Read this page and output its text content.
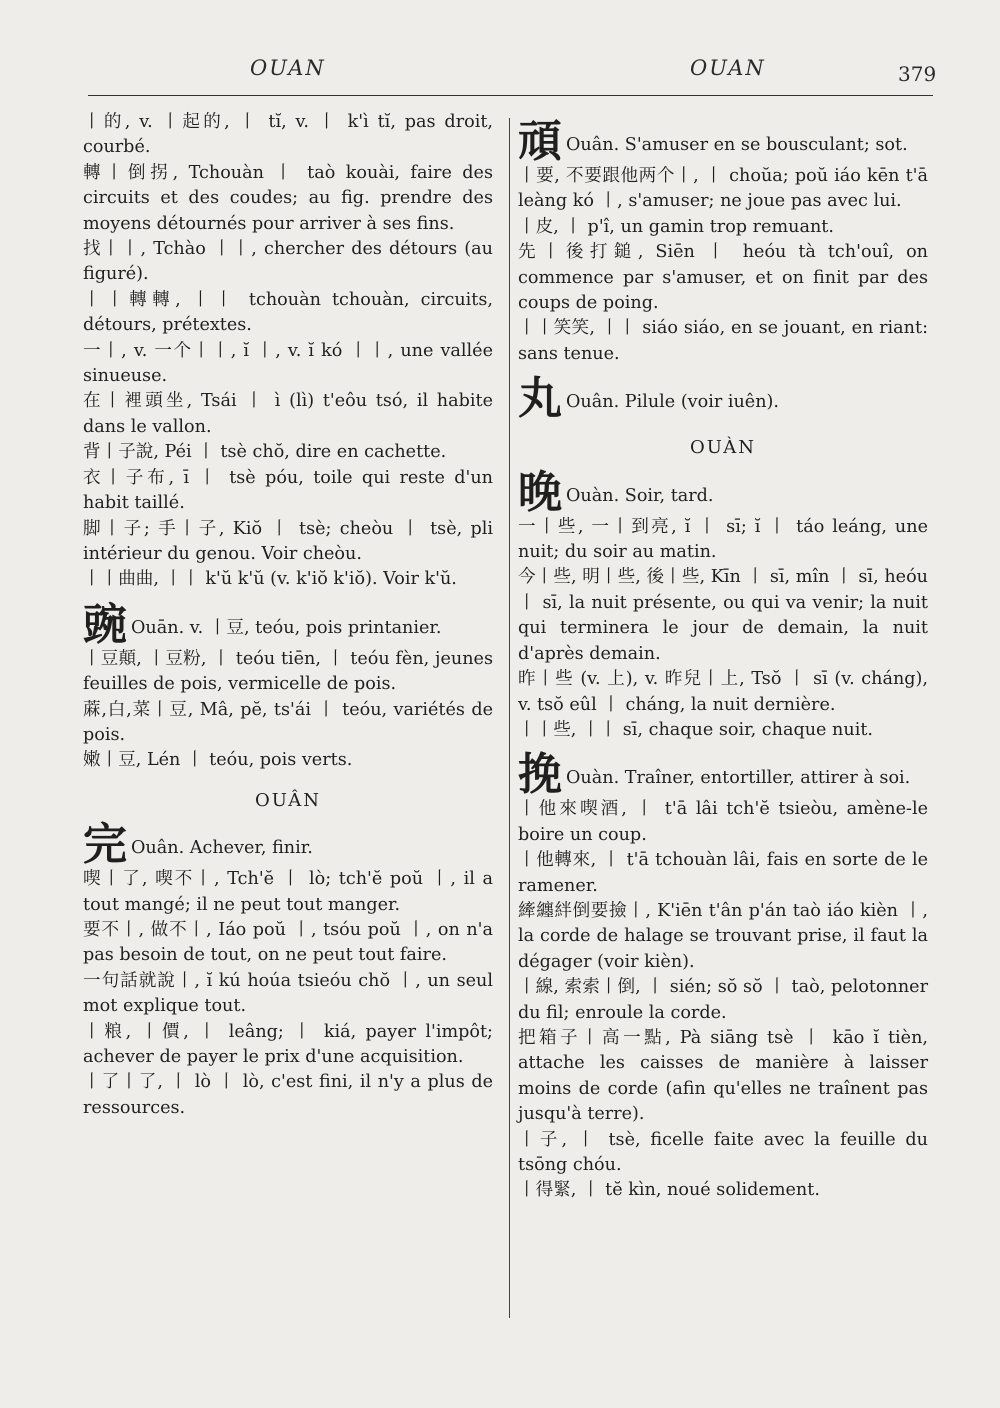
OUAN	OUAN	379
丨的, v. 丨起的, 丨 tĭ, v. 丨 k'ì tĭ, pas droit, courbé.
轉丨倒拐, Tchouàn 丨 taò kouài, faire des circuits et des coudes; au fig. prendre des moyens détournés pour arriver à ses fins.
找丨丨, Tchào 丨丨, chercher des détours (au figuré).
丨丨轉轉, 丨丨 tchouàn tchouàn, circuits, détours, prétextes.
一丨, v. 一个丨丨, ĭ 丨, v. ĭ kó 丨丨, une vallée sinueuse.
在丨裡頭坐, Tsái 丨 ì (lì) t'eôu tsó, il habite dans le vallon.
背丨子說, Péi 丨 tsè chŏ, dire en cachette.
衣丨子布, ī 丨 tsè póu, toile qui reste d'un habit taillé.
脚丨子; 手丨子, Kiŏ 丨 tsè; cheòu 丨 tsè, pli intérieur du genou. Voir cheòu.
丨丨曲曲, 丨丨 k'ŭ k'ŭ (v. k'iŏ k'iŏ). Voir k'ŭ.
豌 Ouān. v. 丨豆, teóu, pois printanier.
丨豆顛, 丨豆粉, 丨 teóu tiēn, 丨 teóu fèn, jeunes feuilles de pois, vermicelle de pois.
蔴,白,菜丨豆, Mâ, pĕ, ts'ái 丨 teóu, variétés de pois.
嫩丨豆, Lén 丨 teóu, pois verts.
OUÂN
完 Ouân. Achever, finir.
喫丨了, 喫不丨, Tch'ĕ 丨 lò; tch'ĕ poŭ 丨, il a tout mangé; il ne peut tout manger.
要不丨, 做不丨, Iáo poŭ 丨, tsóu poŭ 丨, on n'a pas besoin de tout, on ne peut tout faire.
一句話就說丨, ĭ kú hoúa tsieóu chŏ 丨, un seul mot explique tout.
丨粮, 丨價, 丨 leâng; 丨 kiá, payer l'impôt; achever de payer le prix d'une acquisition.
丨了丨了, 丨 lò 丨 lò, c'est fini, il n'y a plus de ressources.
頑 Ouân. S'amuser en se bousculant; sot.
丨要, 不要跟他两个丨, 丨 choŭa; poŭ iáo kēn t'ā leàng kó 丨, s'amuser; ne joue pas avec lui.
丨皮, 丨 p'î, un gamin trop remuant.
先丨後打鎚, Siēn 丨 heóu tà tch'ouî, on commence par s'amuser, et on finit par des coups de poing.
丨丨笑笑, 丨丨 siáo siáo, en se jouant, en riant: sans tenue.
丸 Ouân. Pilule (voir iuên).
OUÀN
晚 Ouàn. Soir, tard.
一丨些, 一丨到亮, ĭ 丨 sī; ĭ 丨 táo leáng, une nuit; du soir au matin.
今丨些, 明丨些, 後丨些, Kīn 丨 sī, mîn 丨 sī, heóu 丨 sī, la nuit présente, ou qui va venir; la nuit qui terminera le jour de demain, la nuit d'après demain.
昨丨些 (v. 上), v. 昨兒丨上, Tsŏ 丨 sī (v. cháng), v. tsŏ eûl 丨 cháng, la nuit dernière.
丨丨些, 丨丨 sī, chaque soir, chaque nuit.
挽 Ouàn. Traîner, entortiller, attirer à soi.
丨他來喫酒, 丨 t'ā lâi tch'ĕ tsieòu, amène-le boire un coup.
丨他轉來, 丨 t'ā tchouàn lâi, fais en sorte de le ramener.
縴纏絆倒要撿丨, K'iēn t'ân p'án taò iáo kièn 丨, la corde de halage se trouvant prise, il faut la dégager (voir kièn).
丨線, 索索丨倒, 丨 sién; sŏ sŏ 丨 taò, pelotonner du fil; enroule la corde.
把箱子丨高一點, Pà siāng tsè 丨 kāo ĭ tièn, attache les caisses de manière à laisser moins de corde (afin qu'elles ne traînent pas jusqu'à terre).
丨子, 丨 tsè, ficelle faite avec la feuille du tsōng chóu.
丨得緊, 丨 tĕ kìn, noué solidement.
